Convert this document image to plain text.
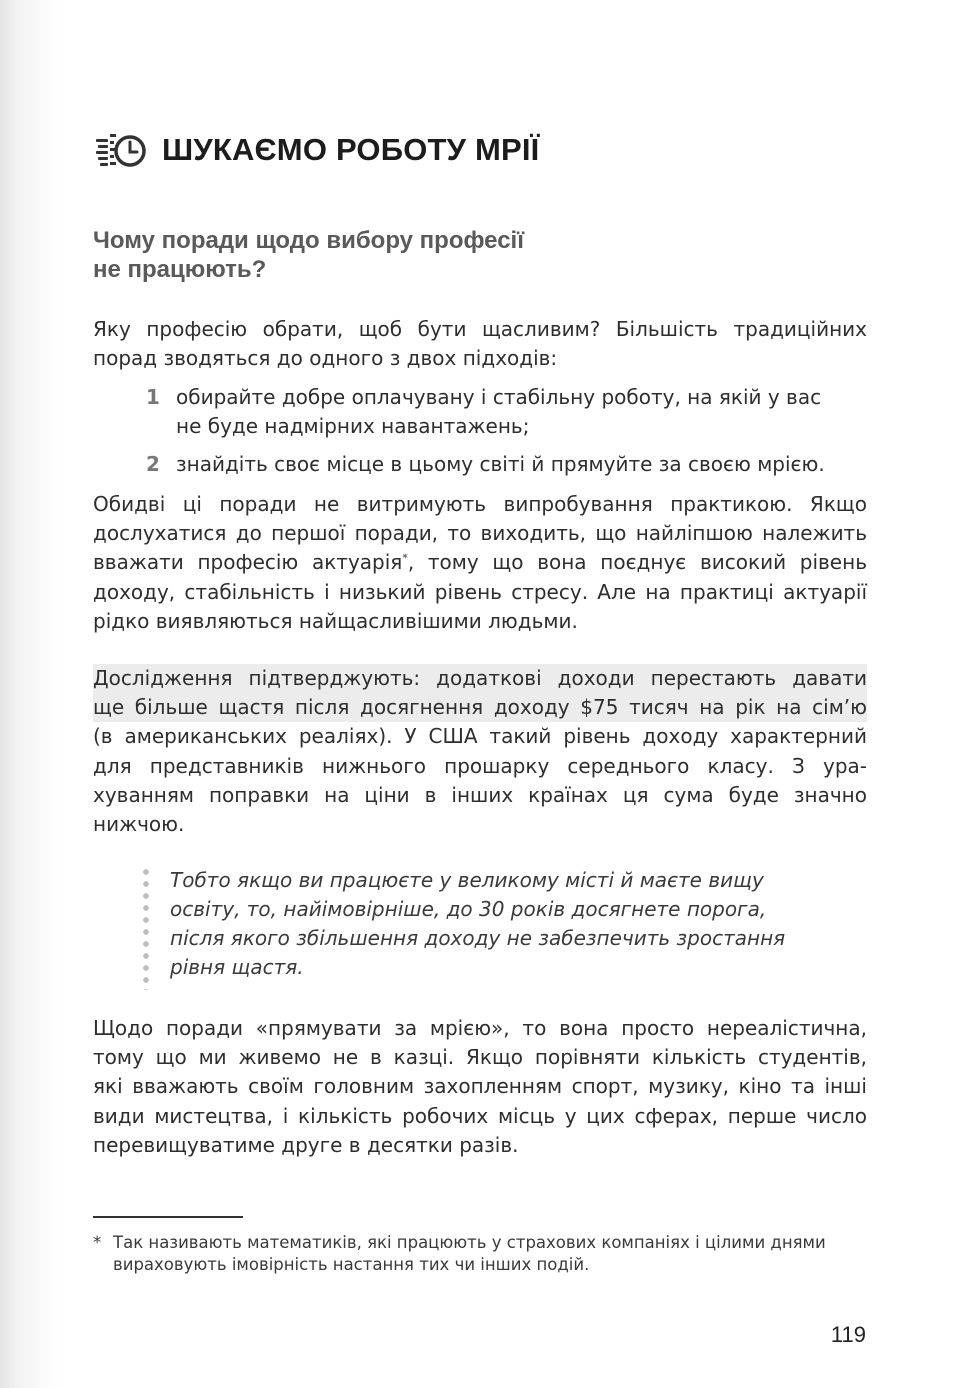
ШУКАЄМО РОБОТУ МРІЇ
Чому поради щодо вибору професії
не працюють?
Яку професію обрати, щоб бути щасливим? Більшість традиційних
порад зводяться до одного з двох підходів:
1 обирайте добре оплачувану і стабільну роботу, на якій у вас
не буде надмірних навантажень;
2 знайдіть своє місце в цьому світі й прямуйте за своєю мрією.
Обидві ці поради не витримують випробування практикою. Якщо
дослухатися до першої поради, то виходить, що найліпшою належить
вважати професію актуарія*, тому що вона поєднує високий рівень
доходу, стабільність і низький рівень стресу. Але на практиці актуарії
рідко виявляються найщасливішими людьми.
Дослідження підтверджують: додаткові доходи перестають давати
ще більше щастя після досягнення доходу $75 тисяч на рік на сім’ю
(в американських реаліях). У США такий рівень доходу характерний
для представників нижнього прошарку середнього класу. З ура-
хуванням поправки на ціни в інших країнах ця сума буде значно
нижчою.
Тобто якщо ви працюєте у великому місті й маєте вищу
освіту, то, найімовірніше, до 30 років досягнете порога,
після якого збільшення доходу не забезпечить зростання
рівня щастя.
Щодо поради «прямувати за мрією», то вона просто нереалістична,
тому що ми живемо не в казці. Якщо порівняти кількість студентів,
які вважають своїм головним захопленням спорт, музику, кіно та інші
види мистецтва, і кількість робочих місць у цих сферах, перше число
перевищуватиме друге в десятки разів.
* Так називають математиків, які працюють у страхових компаніях і цілими днями
вираховують імовірність настання тих чи інших подій.
119
